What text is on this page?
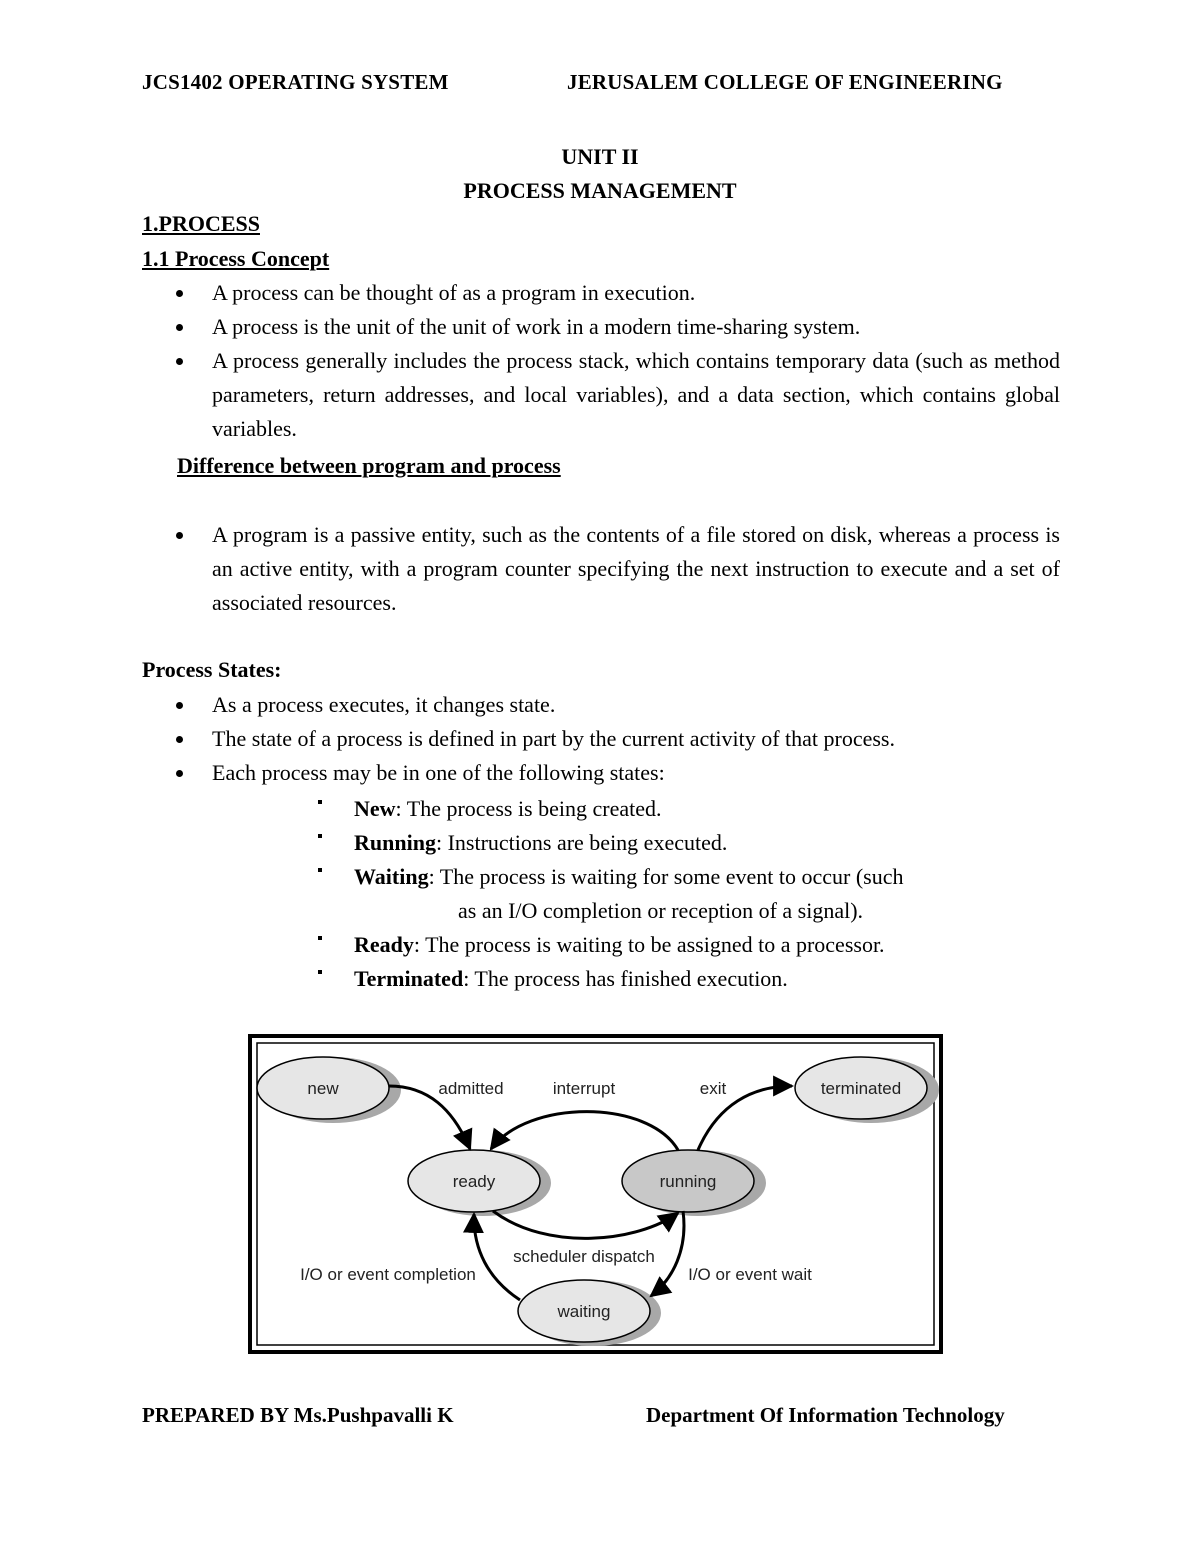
JCS1402 OPERATING SYSTEM	JERUSALEM COLLEGE OF ENGINEERING
UNIT II
PROCESS MANAGEMENT
1.PROCESS
1.1 Process Concept
A process can be thought of as a program in execution.
A process is the unit of the unit of work in a modern time-sharing system.
A process generally includes the process stack, which contains temporary data (such as method parameters, return addresses, and local variables), and a data section, which contains global variables.
Difference between program and process
A program is a passive entity, such as the contents of a file stored on disk, whereas a process is an active entity, with a program counter specifying the next instruction to execute and a set of associated resources.
Process States:
As a process executes, it changes state.
The state of a process is defined in part by the current activity of that process.
Each process may be in one of the following states:
New: The process is being created.
Running: Instructions are being executed.
Waiting: The process is waiting for some event to occur (such
as an I/O completion or reception of a signal).
Ready: The process is waiting to be assigned to a processor.
Terminated: The process has finished execution.
new
ready	running
waiting
terminated
admitted	interrupt	exit
scheduler dispatch
I/O or event completion	I/O or event wait
PREPARED BY Ms.Pushpavalli K	Department Of Information Technology
